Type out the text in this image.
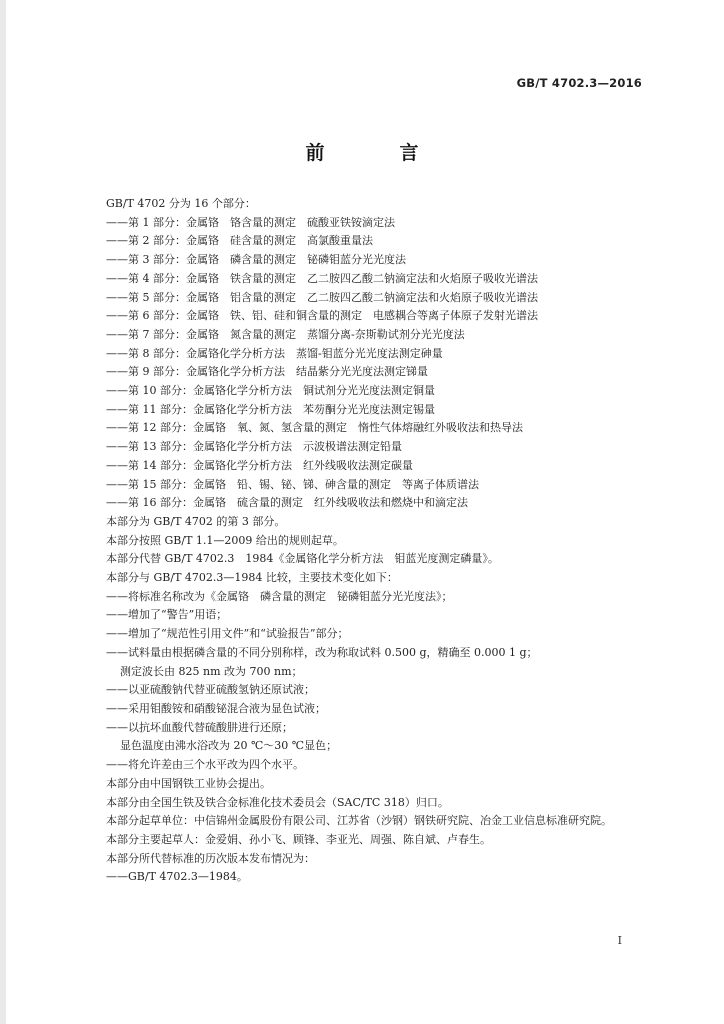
GB/T 4702.3—2016
前　言
GB/T 4702 分为 16 个部分：
——第 1 部分：金属铬　铬含量的测定　硫酸亚铁铵滴定法
——第 2 部分：金属铬　硅含量的测定　高氯酸重量法
——第 3 部分：金属铬　磷含量的测定　铋磷钼蓝分光光度法
——第 4 部分：金属铬　铁含量的测定　乙二胺四乙酸二钠滴定法和火焰原子吸收光谱法
——第 5 部分：金属铬　铝含量的测定　乙二胺四乙酸二钠滴定法和火焰原子吸收光谱法
——第 6 部分：金属铬　铁、铝、硅和铜含量的测定　电感耦合等离子体原子发射光谱法
——第 7 部分：金属铬　氮含量的测定　蒸馏分离-奈斯勒试剂分光光度法
——第 8 部分：金属铬化学分析方法　蒸馏-钼蓝分光光度法测定砷量
——第 9 部分：金属铬化学分析方法　结晶紫分光光度法测定锑量
——第 10 部分：金属铬化学分析方法　铜试剂分光光度法测定铜量
——第 11 部分：金属铬化学分析方法　苯芴酮分光光度法测定锡量
——第 12 部分：金属铬　氧、氮、氢含量的测定　惰性气体熔融红外吸收法和热导法
——第 13 部分：金属铬化学分析方法　示波极谱法测定铅量
——第 14 部分：金属铬化学分析方法　红外线吸收法测定碳量
——第 15 部分：金属铬　铅、锡、铋、锑、砷含量的测定　等离子体质谱法
——第 16 部分：金属铬　硫含量的测定　红外线吸收法和燃烧中和滴定法
本部分为 GB/T 4702 的第 3 部分。
本部分按照 GB/T 1.1—2009 给出的规则起草。
本部分代替 GB/T 4702.3　1984《金属铬化学分析方法　钼蓝光度测定磷量》。
本部分与 GB/T 4702.3—1984 比较，主要技术变化如下：
——将标准名称改为《金属铬　磷含量的测定　铋磷钼蓝分光光度法》；
——增加了“警告”用语；
——增加了“规范性引用文件”和“试验报告”部分；
——试料量由根据磷含量的不同分别称样，改为称取试料 0.500 g，精确至 0.000 1 g；
测定波长由 825 nm 改为 700 nm；
——以亚硫酸钠代替亚硫酸氢钠还原试液；
——采用钼酸铵和硝酸铋混合液为显色试液；
——以抗坏血酸代替硫酸肼进行还原；
显色温度由沸水浴改为 20 ℃～30 ℃显色；
——将允许差由三个水平改为四个水平。
本部分由中国钢铁工业协会提出。
本部分由全国生铁及铁合金标准化技术委员会（SAC/TC 318）归口。
本部分起草单位：中信锦州金属股份有限公司、江苏省（沙钢）钢铁研究院、冶金工业信息标准研究院。
本部分主要起草人：金爱娟、孙小飞、顾锋、李亚光、周强、陈自斌、卢春生。
本部分所代替标准的历次版本发布情况为：
——GB/T 4702.3—1984。
I
